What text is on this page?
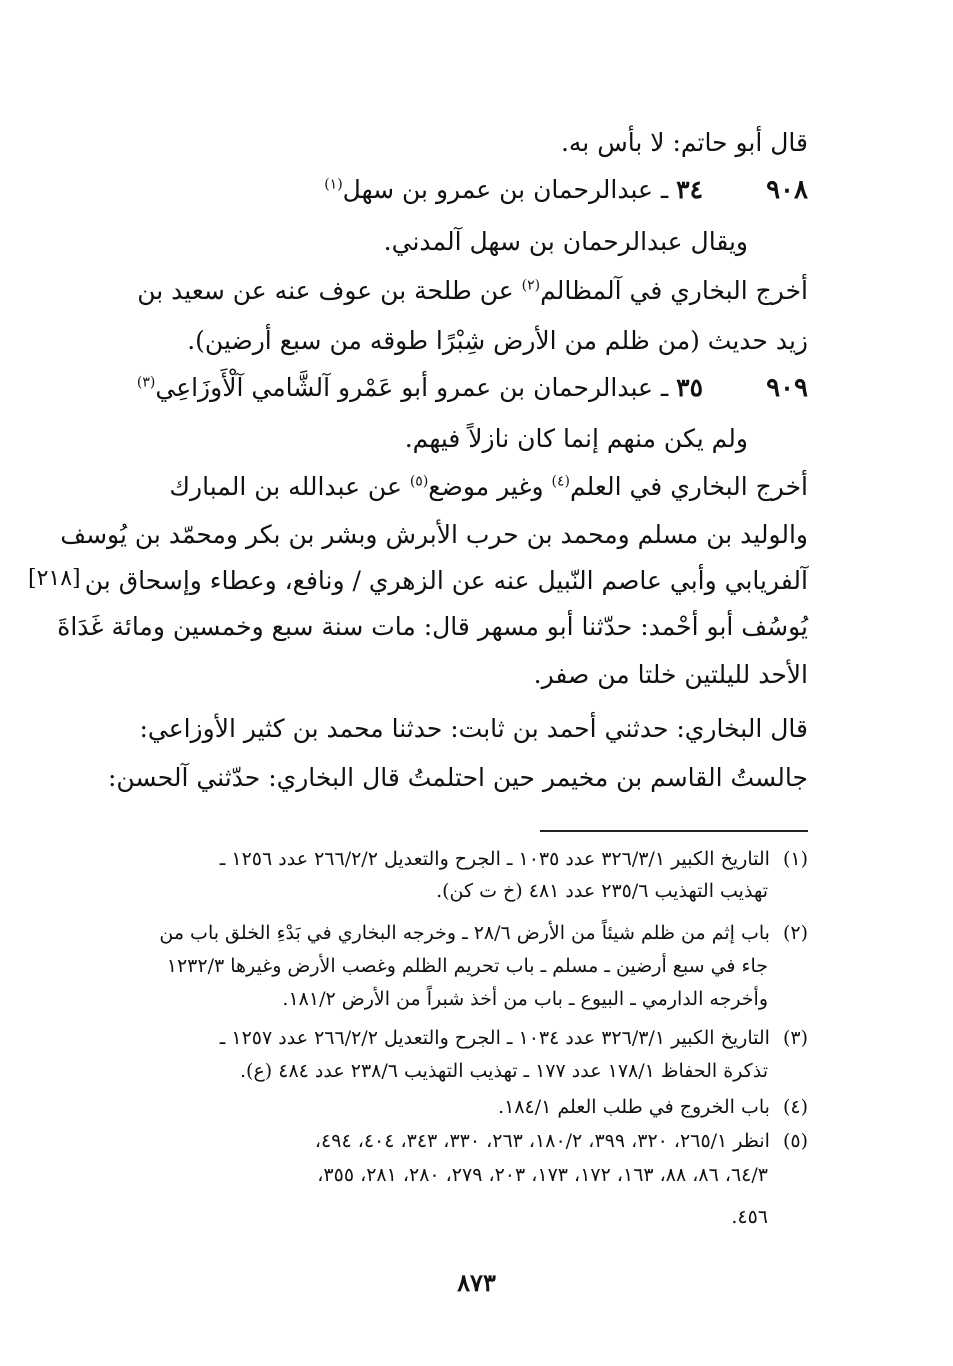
قال أبو حاتم: لا بأس به.
٩٠٨
٣٤ ـ عبدالرحمان بن عمرو بن سهل$^{(١)}$
ويقال عبدالرحمان بن سهل آلمدني.
أخرج البخاري في آلمظالم$^{(٢)}$ عن طلحة بن عوف عنه عن سعيد بن
زيد حديث (من ظلم من الأرض شِبْرًا طوقه من سبع أرضين).
٩٠٩
٣٥ ـ عبدالرحمان بن عمرو أبو عَمْرو آلشَّامي آلْأَوزَاعِي$^{(٣)}$
ولم يكن منهم إنما كان نازلاً فيهم.
أخرج البخاري في العلم$^{(٤)}$ وغير موضع$^{(٥)}$ عن عبدالله بن المبارك
والوليد بن مسلم ومحمد بن حرب الأبرش وبشر بن بكر ومحمّد بن يُوسف
آلفريابي وأبي عاصم النّبيل عنه عن الزهري / ونافع، وعطاء وإسحاق بن
[٢١٨]
يُوسُف أبو أحْمد: حدّثنا أبو مسهر قال: مات سنة سبع وخمسين ومائة غَدَاةَ
الأحد لليلتين خلتا من صفر.
قال البخاري: حدثني أحمد بن ثابت: حدثنا محمد بن كثير الأوزاعي:
جالستُ القاسم بن مخيمر حين احتلمتُ قال البخاري: حدّثني آلحسن:
(١) التاريخ الكبير ٣٢٦/٣/١ عدد ١٠٣٥ ـ الجرح والتعديل ٢٦٦/٢/٢ عدد ١٢٥٦ ـ
تهذيب التهذيب ٢٣٥/٦ عدد ٤٨١ (خ ت كن).
(٢) باب إثم من ظلم شيئاً من الأرض ٢٨/٦ ـ وخرجه البخاري في بَدْءِ الخلق باب من
جاء في سبع أرضين ـ مسلم ـ باب تحريم الظلم وغصب الأرض وغيرها ١٢٣٢/٣
وأخرجه الدارمي ـ البيوع ـ باب من أخذ شبراً من الأرض ١٨١/٢.
(٣) التاريخ الكبير ٣٢٦/٣/١ عدد ١٠٣٤ ـ الجرح والتعديل ٢٦٦/٢/٢ عدد ١٢٥٧ ـ
تذكرة الحفاظ ١٧٨/١ عدد ١٧٧ ـ تهذيب التهذيب ٢٣٨/٦ عدد ٤٨٤ (ع).
(٤) باب الخروج في طلب العلم ١٨٤/١.
(٥) انظر ٢٦٥/١، ٣٢٠، ٣٩٩، ١٨٠/٢، ٢٦٣، ٣٣٠، ٣٤٣، ٤٠٤، ٤٩٤،
٦٤/٣، ٨٦، ٨٨، ١٦٣، ١٧٢، ١٧٣، ٢٠٣، ٢٧٩، ٢٨٠، ٢٨١، ٣٥٥،
٤٥٦.
٨٧٣
